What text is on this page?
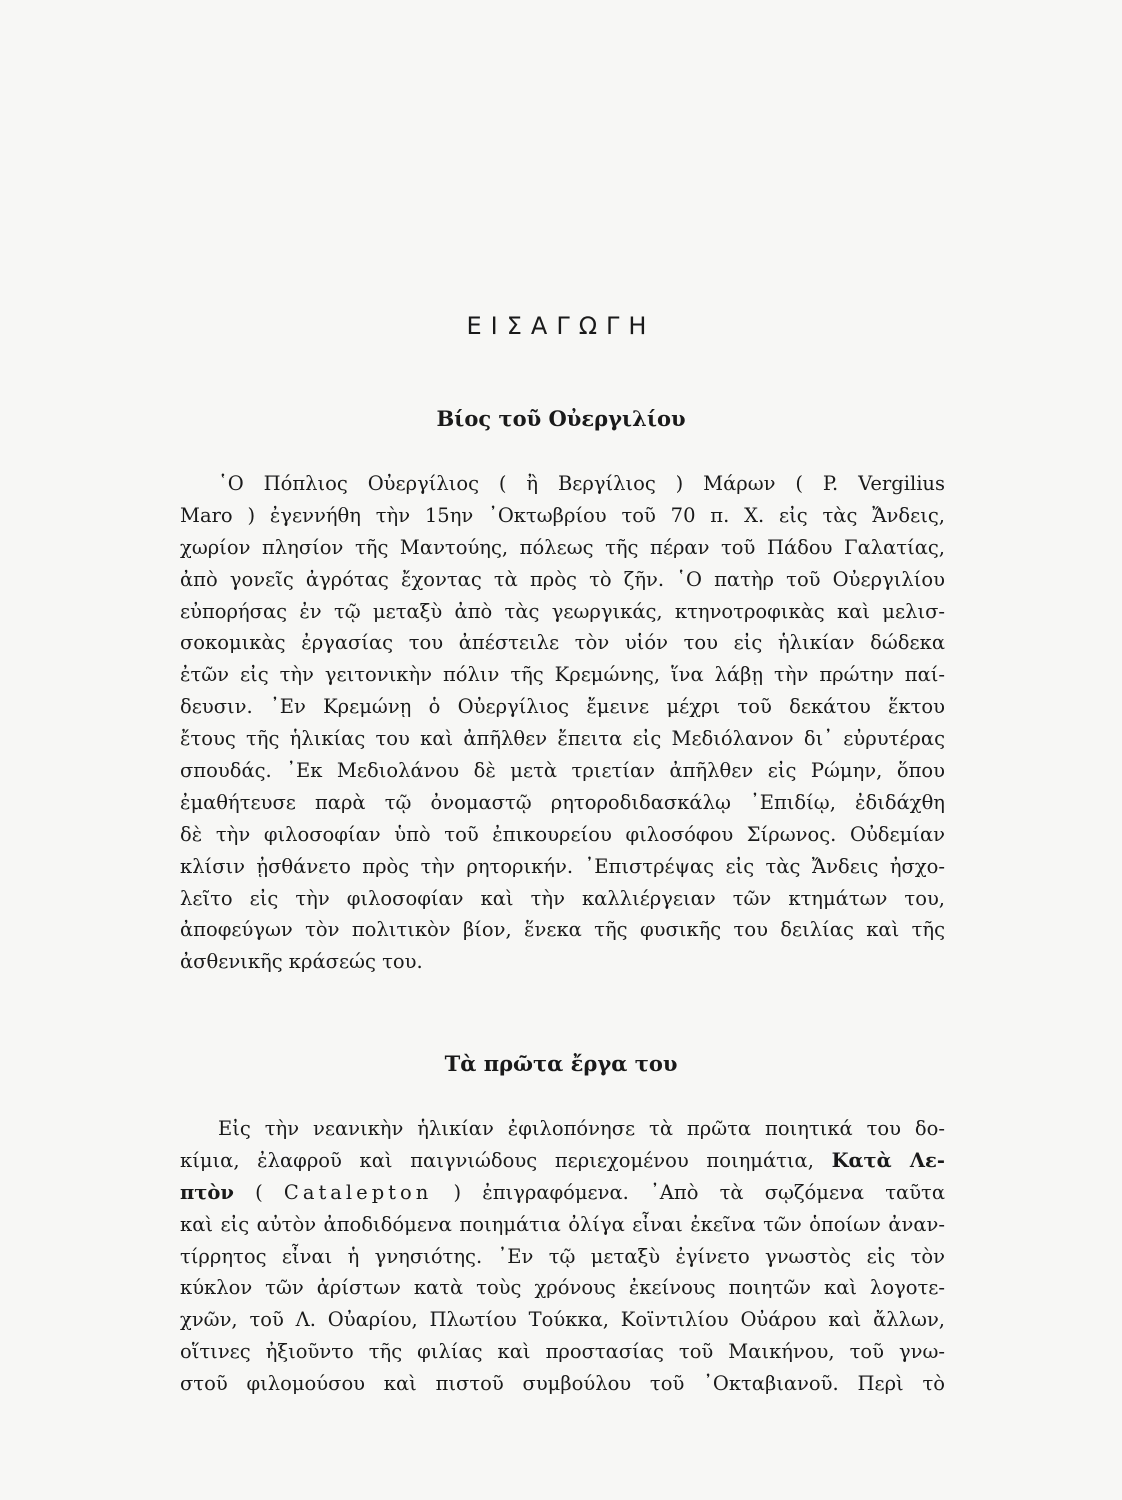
ΕΙΣΑΓΩΓΗ
Βίος τοῦ Οὐεργιλίου
῾Ο Πόπλιος Οὐεργίλιος ( ἢ Βεργίλιος ) Μάρων ( P. Vergilius
Maro ) ἐγεννήθη τὴν 15ην ᾿Οκτωβρίου τοῦ 70 π. Χ. εἰς τὰς Ἄνδεις,
χωρίον πλησίον τῆς Μαντούης, πόλεως τῆς πέραν τοῦ Πάδου Γαλατίας,
ἀπὸ γονεῖς ἀγρότας ἔχοντας τὰ πρὸς τὸ ζῆν. ῾Ο πατὴρ τοῦ Οὐεργιλίου
εὐπορήσας ἐν τῷ μεταξὺ ἀπὸ τὰς γεωργικάς, κτηνοτροφικὰς καὶ μελισ-
σοκομικὰς ἐργασίας του ἀπέστειλε τὸν υἱόν του εἰς ἡλικίαν δώδεκα
ἐτῶν εἰς τὴν γειτονικὴν πόλιν τῆς Κρεμώνης, ἵνα λάβῃ τὴν πρώτην παί-
δευσιν. ᾿Εν Κρεμώνῃ ὁ Οὐεργίλιος ἔμεινε μέχρι τοῦ δεκάτου ἕκτου
ἔτους τῆς ἡλικίας του καὶ ἀπῆλθεν ἔπειτα εἰς Μεδιόλανον δι᾿ εὐρυτέρας
σπουδάς. ᾿Εκ Μεδιολάνου δὲ μετὰ τριετίαν ἀπῆλθεν εἰς Ρώμην, ὅπου
ἐμαθήτευσε παρὰ τῷ ὀνομαστῷ ρητοροδιδασκάλῳ ᾿Επιδίῳ, ἐδιδάχθη
δὲ τὴν φιλοσοφίαν ὑπὸ τοῦ ἐπικουρείου φιλοσόφου Σίρωνος. Οὐδεμίαν
κλίσιν ᾐσθάνετο πρὸς τὴν ρητορικήν. ᾿Επιστρέψας εἰς τὰς Ἄνδεις ἠσχο-
λεῖτο εἰς τὴν φιλοσοφίαν καὶ τὴν καλλιέργειαν τῶν κτημάτων του,
ἀποφεύγων τὸν πολιτικὸν βίον, ἕνεκα τῆς φυσικῆς του δειλίας καὶ τῆς
ἀσθενικῆς κράσεώς του.
Τὰ πρῶτα ἔργα του
Εἰς τὴν νεανικὴν ἡλικίαν ἐφιλοπόνησε τὰ πρῶτα ποιητικά του δο-
κίμια, ἐλαφροῦ καὶ παιγνιώδους περιεχομένου ποιημάτια, Κατὰ Λε-
πτὸν ( Catalepton ) ἐπιγραφόμενα. ᾿Απὸ τὰ σῳζόμενα ταῦτα
καὶ εἰς αὐτὸν ἀποδιδόμενα ποιημάτια ὀλίγα εἶναι ἐκεῖνα τῶν ὁποίων ἀναν-
τίρρητος εἶναι ἡ γνησιότης. ᾿Εν τῷ μεταξὺ ἐγίνετο γνωστὸς εἰς τὸν
κύκλον τῶν ἀρίστων κατὰ τοὺς χρόνους ἐκείνους ποιητῶν καὶ λογοτε-
χνῶν, τοῦ Λ. Οὐαρίου, Πλωτίου Τούκκα, Κοϊντιλίου Οὐάρου καὶ ἄλλων,
οἵτινες ἠξιοῦντο τῆς φιλίας καὶ προστασίας τοῦ Μαικήνου, τοῦ γνω-
στοῦ φιλομούσου καὶ πιστοῦ συμβούλου τοῦ ᾿Οκταβιανοῦ. Περὶ τὸ
